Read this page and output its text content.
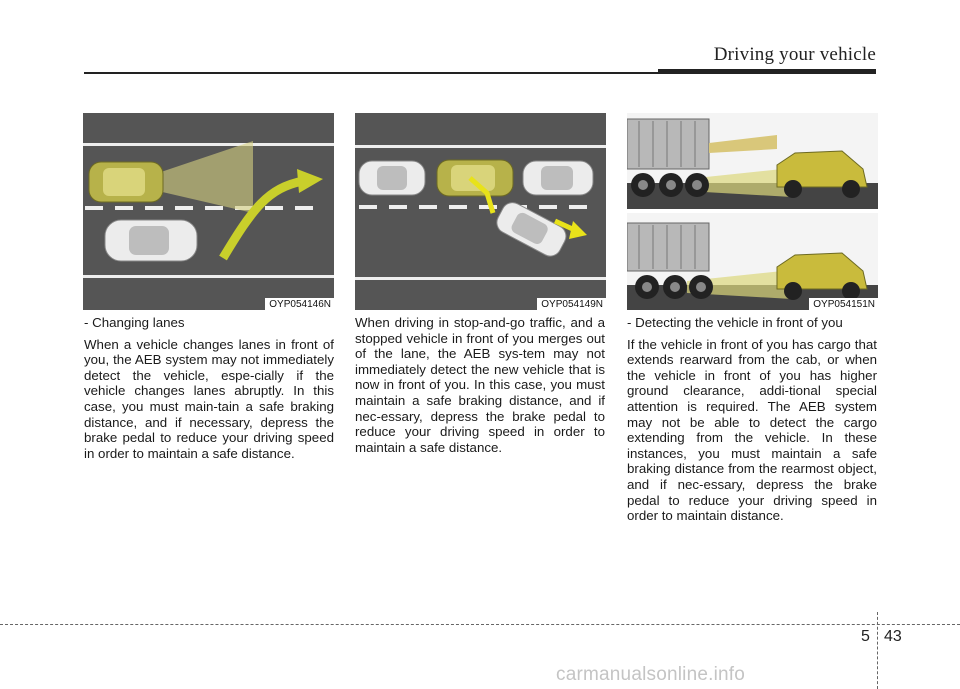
Driving your vehicle
OYP054146N	OYP054149N	OYP054151N

- Changing lanes

When a vehicle changes lanes in front of you, the AEB system may not immediately detect the vehicle, espe-cially if the vehicle changes lanes abruptly. In this case, you must main-tain a safe braking distance, and if necessary, depress the brake pedal to reduce your driving speed in order to maintain a safe distance.

When driving in stop-and-go traffic, and a stopped vehicle in front of you merges out of the lane, the AEB sys-tem may not immediately detect the new vehicle that is now in front of you. In this case, you must maintain a safe braking distance, and if nec-essary, depress the brake pedal to reduce your driving speed in order to maintain a safe distance.

- Detecting the vehicle in front of you

If the vehicle in front of you has cargo that extends rearward from the cab, or when the vehicle in front of you has higher ground clearance, addi-tional special attention is required. The AEB system may not be able to detect the cargo extending from the vehicle. In these instances, you must maintain a safe braking distance from the rearmost object, and if nec-essary, depress the brake pedal to reduce your driving speed in order to maintain distance.

5 43
carmanualsonline.info
